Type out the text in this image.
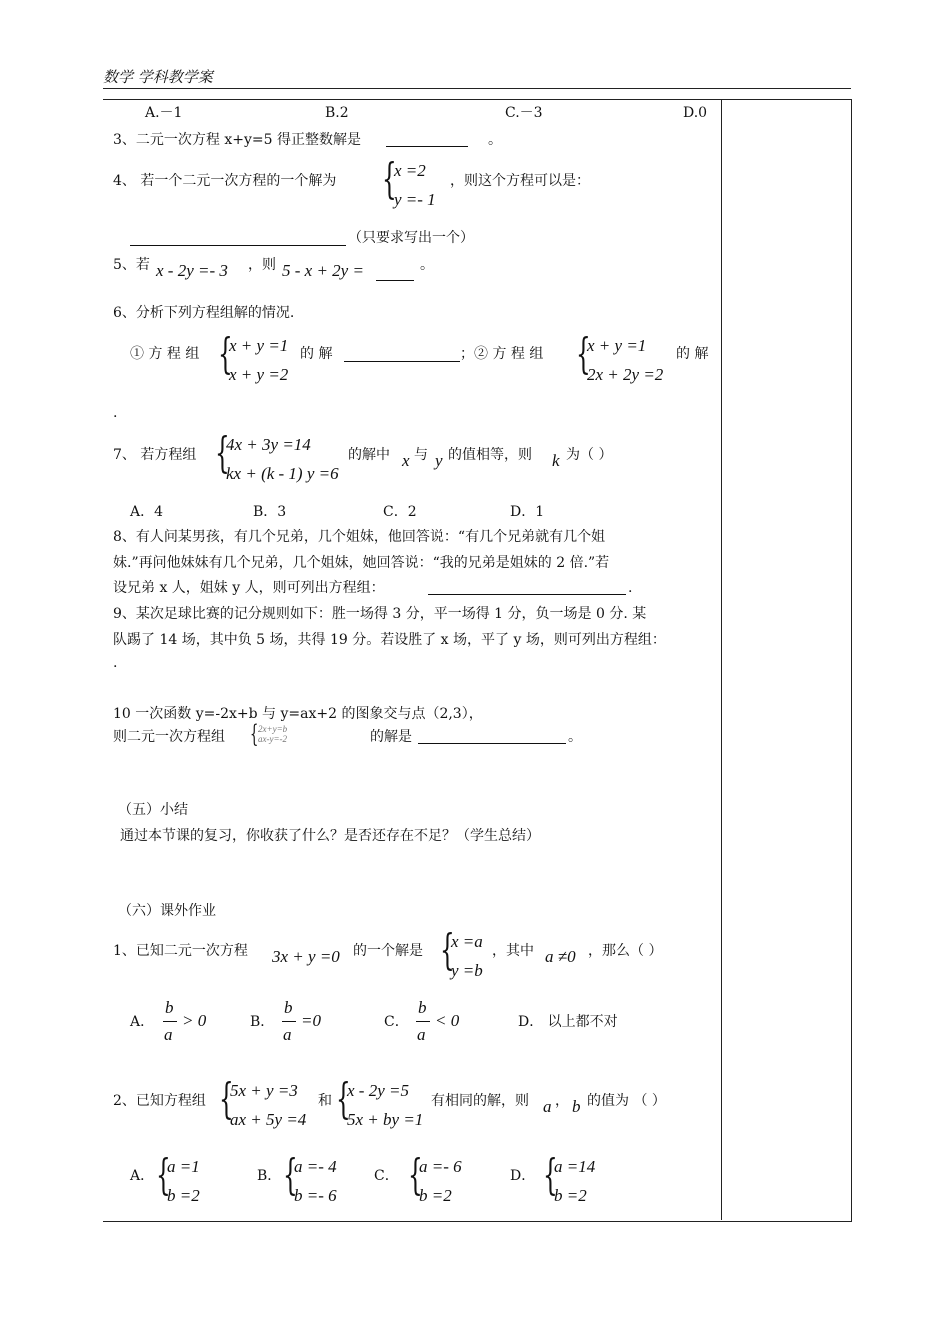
数学 学科教学案
A.－1	B.2	C.－3	D.0
3、二元一次方程 x+y=5 得正整数解是	。
4、 若一个二元一次方程的一个解为 {
x =2
y =- 1
，则这个方程可以是：
（只要求写出一个）
5、若 x - 2y =- 3 ，则 5 - x + 2y =	。
6、分析下列方程组解的情况.
① 方 程 组 {
x + y =1
x + y =2
的 解	；② 方 程 组 {
x + y =1
2x + 2y =2
的 解
.
7、 若方程组 {
4x + 3y =14
kx + (k - 1) y =6
的解中 x 与 y 的值相等，则 k 为（ ）
A．4	B．3	C．2	D．1
8、有人问某男孩，有几个兄弟，几个姐妹，他回答说：“有几个兄弟就有几个姐
妹.”再问他妹妹有几个兄弟，几个姐妹，她回答说：“我的兄弟是姐妹的 2 倍.”若
设兄弟 x 人，姐妹 y 人，则可列出方程组：	.
9、某次足球比赛的记分规则如下：胜一场得 3 分，平一场得 1 分，负一场是 0 分. 某
队踢了 14 场，其中负 5 场，共得 19 分。若设胜了 x 场，平了 y 场，则可列出方程组：
.
10 一次函数 y=-2x+b 与 y=ax+2 的图象交与点（2,3），
则二元一次方程组 { 2x+y=b
ax-y=-2	的解是	。
（五）小结
通过本节课的复习，你收获了什么？是否还存在不足？（学生总结）
（六）课外作业
1、已知二元一次方程 3x + y =0 的一个解是 {
x =a
y =b
，其中 a ≠0 ，那么（ ）
A．
b
a
> 0	B．
b
a
=0	C．
b
a
< 0	D． 以上都不对
2、已知方程组 {
5x + y =3
ax + 5y =4
和 {
x - 2y =5
5x + by =1
有相同的解，则 a ， b 的值为 （ ）
A． {
a =1
b =2
B． {
a =- 4
b =- 6
C． {
a =- 6
b =2
D． {
a =14
b =2
